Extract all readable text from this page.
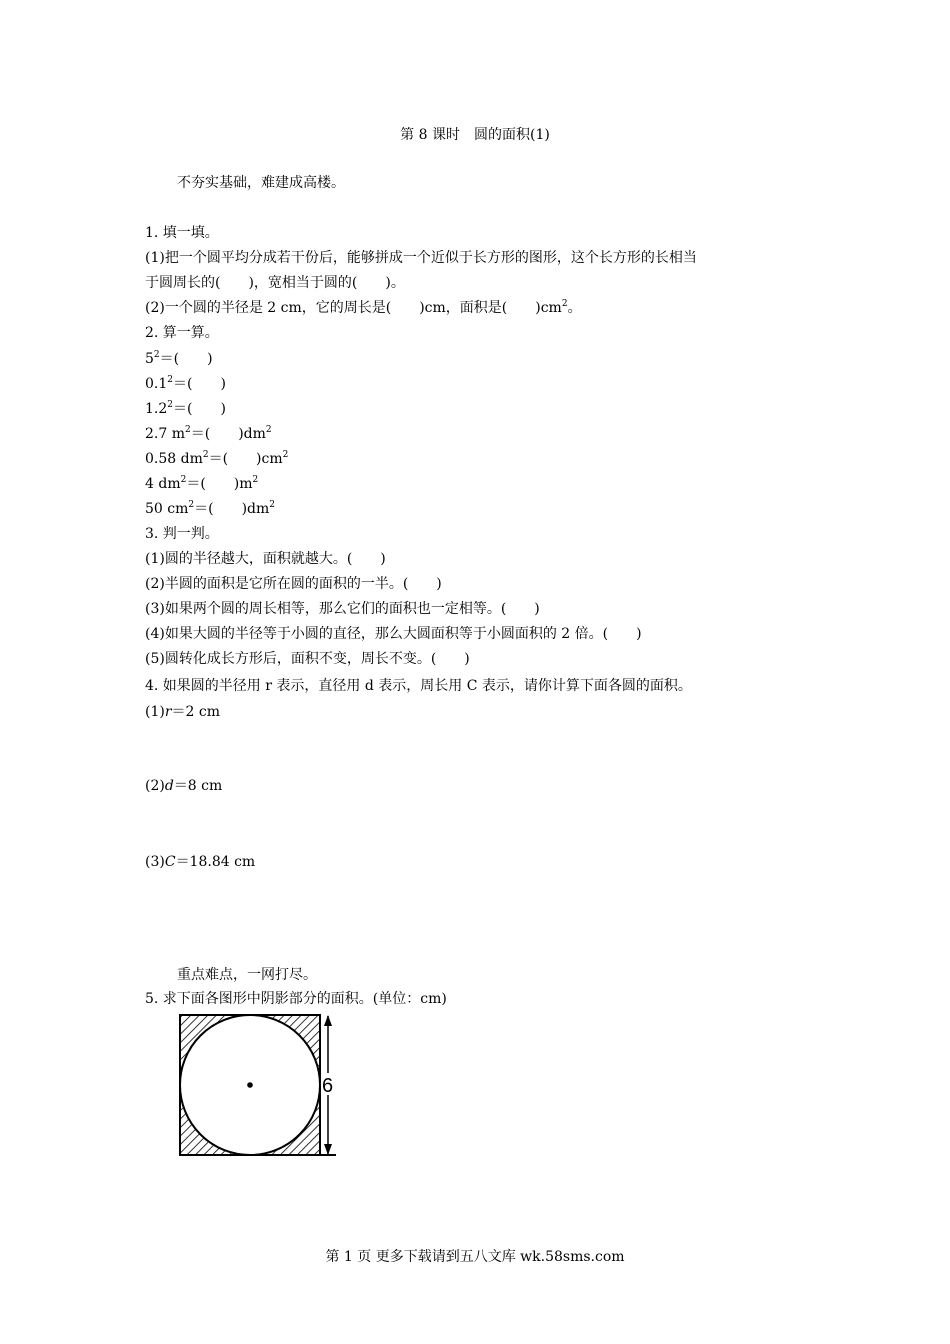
第 8 课时　圆的面积(1)
不夯实基础，难建成高楼。
1. 填一填。
(1)把一个圆平均分成若干份后，能够拼成一个近似于长方形的图形，这个长方形的长相当
于圆周长的(　　)，宽相当于圆的(　　)。
(2)一个圆的半径是 2 cm，它的周长是(　　)cm，面积是(　　)$cm^2$。
2. 算一算。
$5^2=$(　　)
$0.1^2=$(　　)
$1.2^2=$(　　)
2.7 $m^2=$(　　)$dm^2$
0.58 $dm^2=$(　　)$cm^2$
4 $dm^2=$(　　)$m^2$
50 $cm^2=$(　　)$dm^2$
3. 判一判。
(1)圆的半径越大，面积就越大。(　　)
(2)半圆的面积是它所在圆的面积的一半。(　　)
(3)如果两个圆的周长相等，那么它们的面积也一定相等。(　　)
(4)如果大圆的半径等于小圆的直径，那么大圆面积等于小圆面积的 2 倍。(　　)
(5)圆转化成长方形后，面积不变，周长不变。(　　)
4. 如果圆的半径用 r 表示，直径用 d 表示，周长用 C 表示，请你计算下面各圆的面积。
(1)r＝2 cm
(2)d＝8 cm
(3)C＝18.84 cm
重点难点，一网打尽。
5. 求下面各图形中阴影部分的面积。(单位：cm)
6
第 1 页 更多下载请到五八文库 wk.58sms.com
